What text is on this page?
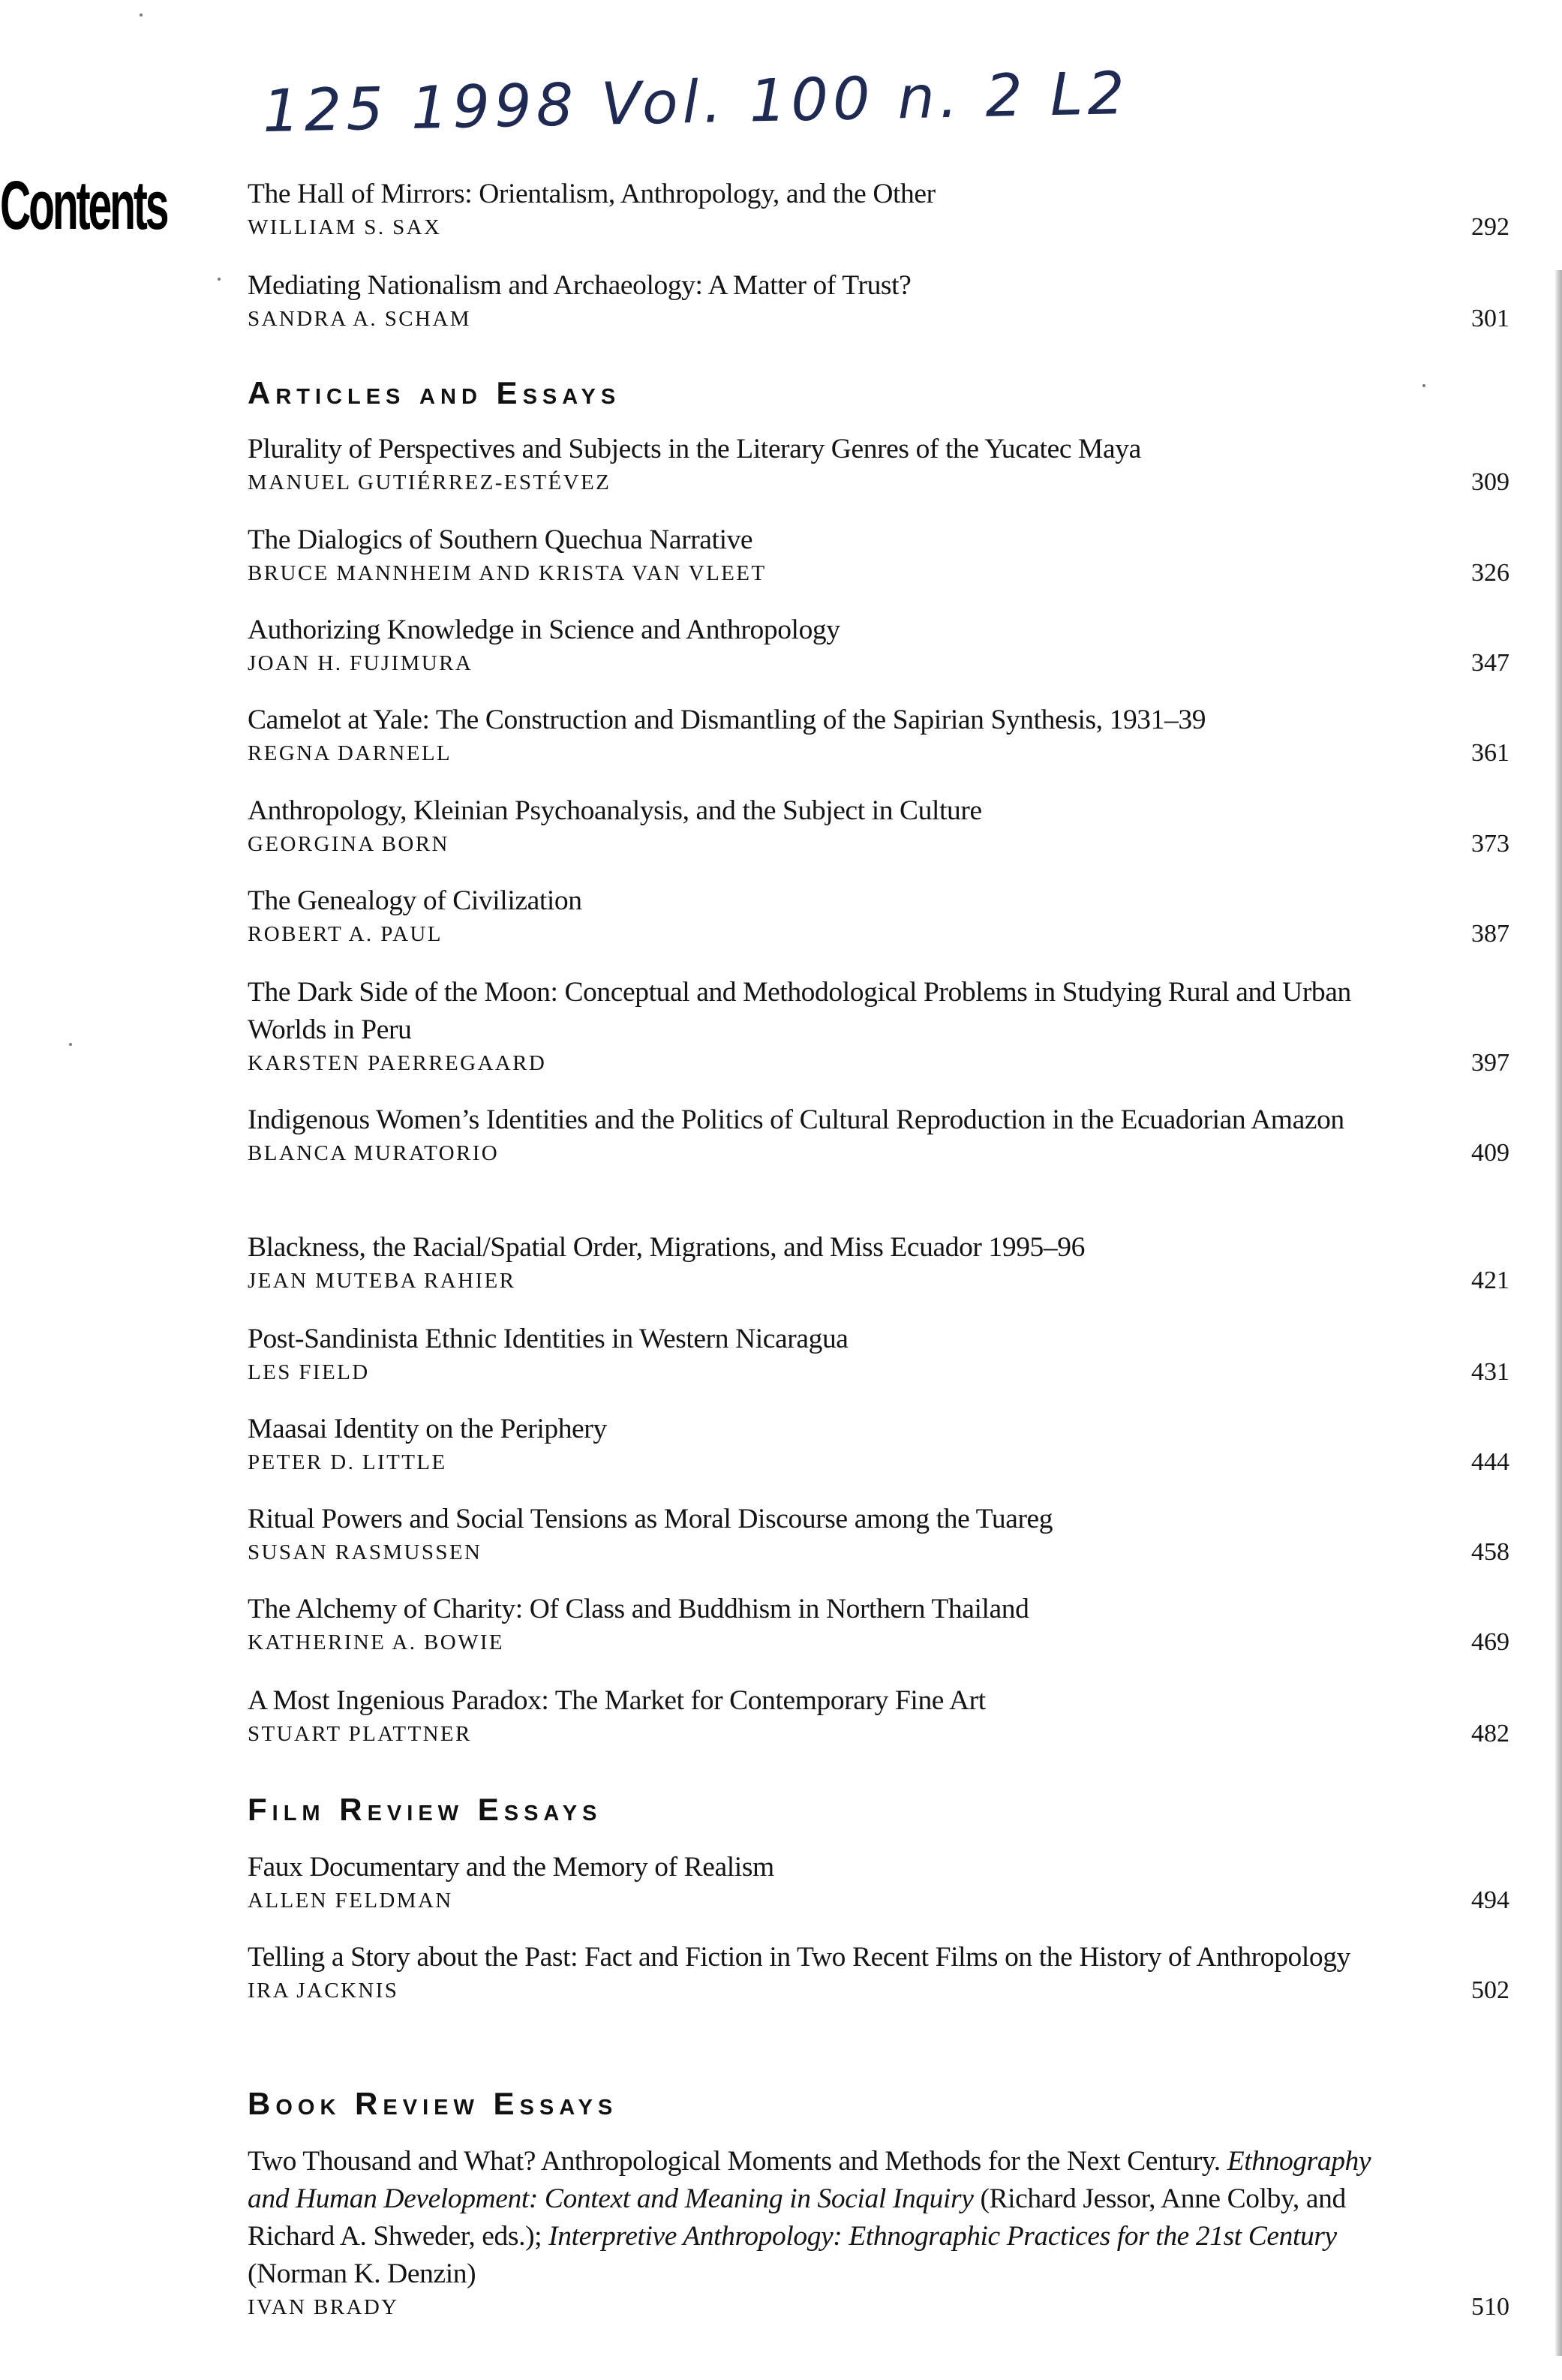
125 1998 Vol. 100 n. 2 L2
Contents	The Hall of Mirrors: Orientalism, Anthropology, and the Other
WILLIAM S. SAX	292
Mediating Nationalism and Archaeology: A Matter of Trust?
SANDRA A. SCHAM	301
Articles and Essays
Plurality of Perspectives and Subjects in the Literary Genres of the Yucatec Maya
MANUEL GUTIÉRREZ-ESTÉVEZ	309
The Dialogics of Southern Quechua Narrative
BRUCE MANNHEIM AND KRISTA VAN VLEET	326
Authorizing Knowledge in Science and Anthropology
JOAN H. FUJIMURA	347
Camelot at Yale: The Construction and Dismantling of the Sapirian Synthesis, 1931–39
REGNA DARNELL	361
Anthropology, Kleinian Psychoanalysis, and the Subject in Culture
GEORGINA BORN	373
The Genealogy of Civilization
ROBERT A. PAUL	387
The Dark Side of the Moon: Conceptual and Methodological Problems in Studying Rural and Urban Worlds in Peru
KARSTEN PAERREGAARD	397
Indigenous Women’s Identities and the Politics of Cultural Reproduction in the Ecuadorian Amazon
BLANCA MURATORIO	409
Blackness, the Racial/Spatial Order, Migrations, and Miss Ecuador 1995–96
JEAN MUTEBA RAHIER	421
Post-Sandinista Ethnic Identities in Western Nicaragua
LES FIELD	431
Maasai Identity on the Periphery
PETER D. LITTLE	444
Ritual Powers and Social Tensions as Moral Discourse among the Tuareg
SUSAN RASMUSSEN	458
The Alchemy of Charity: Of Class and Buddhism in Northern Thailand
KATHERINE A. BOWIE	469
A Most Ingenious Paradox: The Market for Contemporary Fine Art
STUART PLATTNER	482
Film Review Essays
Faux Documentary and the Memory of Realism
ALLEN FELDMAN	494
Telling a Story about the Past: Fact and Fiction in Two Recent Films on the History of Anthropology
IRA JACKNIS	502
Book Review Essays
Two Thousand and What? Anthropological Moments and Methods for the Next Century. Ethnography and Human Development: Context and Meaning in Social Inquiry (Richard Jessor, Anne Colby, and Richard A. Shweder, eds.); Interpretive Anthropology: Ethnographic Practices for the 21st Century (Norman K. Denzin)
IVAN BRADY	510
